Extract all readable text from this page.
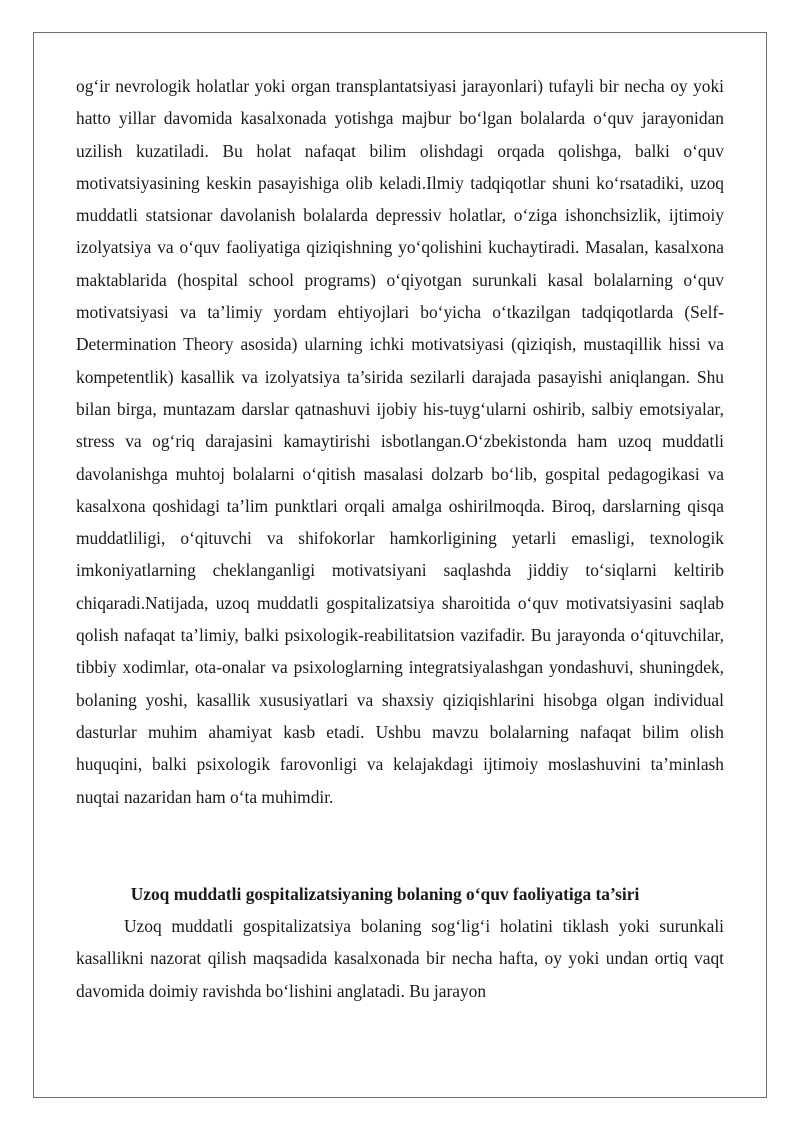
og‘ir nevrologik holatlar yoki organ transplantatsiyasi jarayonlari) tufayli bir necha oy yoki hatto yillar davomida kasalxonada yotishga majbur bo‘lgan bolalarda o‘quv jarayonidan uzilish kuzatiladi. Bu holat nafaqat bilim olishdagi orqada qolishga, balki o‘quv motivatsiyasining keskin pasayishiga olib keladi.Ilmiy tadqiqotlar shuni ko‘rsatadiki, uzoq muddatli statsionar davolanish bolalarda depressiv holatlar, o‘ziga ishonchsizlik, ijtimoiy izolyatsiya va o‘quv faoliyatiga qiziqishning yo‘qolishini kuchaytiradi. Masalan, kasalxona maktablarida (hospital school programs) o‘qiyotgan surunkali kasal bolalarning o‘quv motivatsiyasi va ta’limiy yordam ehtiyojlari bo‘yicha o‘tkazilgan tadqiqotlarda (Self-Determination Theory asosida) ularning ichki motivatsiyasi (qiziqish, mustaqillik hissi va kompetentlik) kasallik va izolyatsiya ta’sirida sezilarli darajada pasayishi aniqlangan. Shu bilan birga, muntazam darslar qatnashuvi ijobiy his-tuyg‘ularni oshirib, salbiy emotsiyalar, stress va og‘riq darajasini kamaytirishi isbotlangan.O‘zbekistonda ham uzoq muddatli davolanishga muhtoj bolalarni o‘qitish masalasi dolzarb bo‘lib, gospital pedagogikasi va kasalxona qoshidagi ta’lim punktlari orqali amalga oshirilmoqda. Biroq, darslarning qisqa muddatliligi, o‘qituvchi va shifokorlar hamkorligining yetarli emasligi, texnologik imkoniyatlarning cheklanganligi motivatsiyani saqlashda jiddiy to‘siqlarni keltirib chiqaradi.Natijada, uzoq muddatli gospitalizatsiya sharoitida o‘quv motivatsiyasini saqlab qolish nafaqat ta’limiy, balki psixologik-reabilitatsion vazifadir. Bu jarayonda o‘qituvchilar, tibbiy xodimlar, ota-onalar va psixologlarning integratsiyalashgan yondashuvi, shuningdek, bolaning yoshi, kasallik xususiyatlari va shaxsiy qiziqishlarini hisobga olgan individual dasturlar muhim ahamiyat kasb etadi. Ushbu mavzu bolalarning nafaqat bilim olish huquqini, balki psixologik farovonligi va kelajakdagi ijtimoiy moslashuvini ta’minlash nuqtai nazaridan ham o‘ta muhimdir.

Uzoq muddatli gospitalizatsiyaning bolaning o‘quv faoliyatiga ta’siri

Uzoq muddatli gospitalizatsiya bolaning sog‘lig‘i holatini tiklash yoki surunkali kasallikni nazorat qilish maqsadida kasalxonada bir necha hafta, oy yoki undan ortiq vaqt davomida doimiy ravishda bo‘lishini anglatadi. Bu jarayon
